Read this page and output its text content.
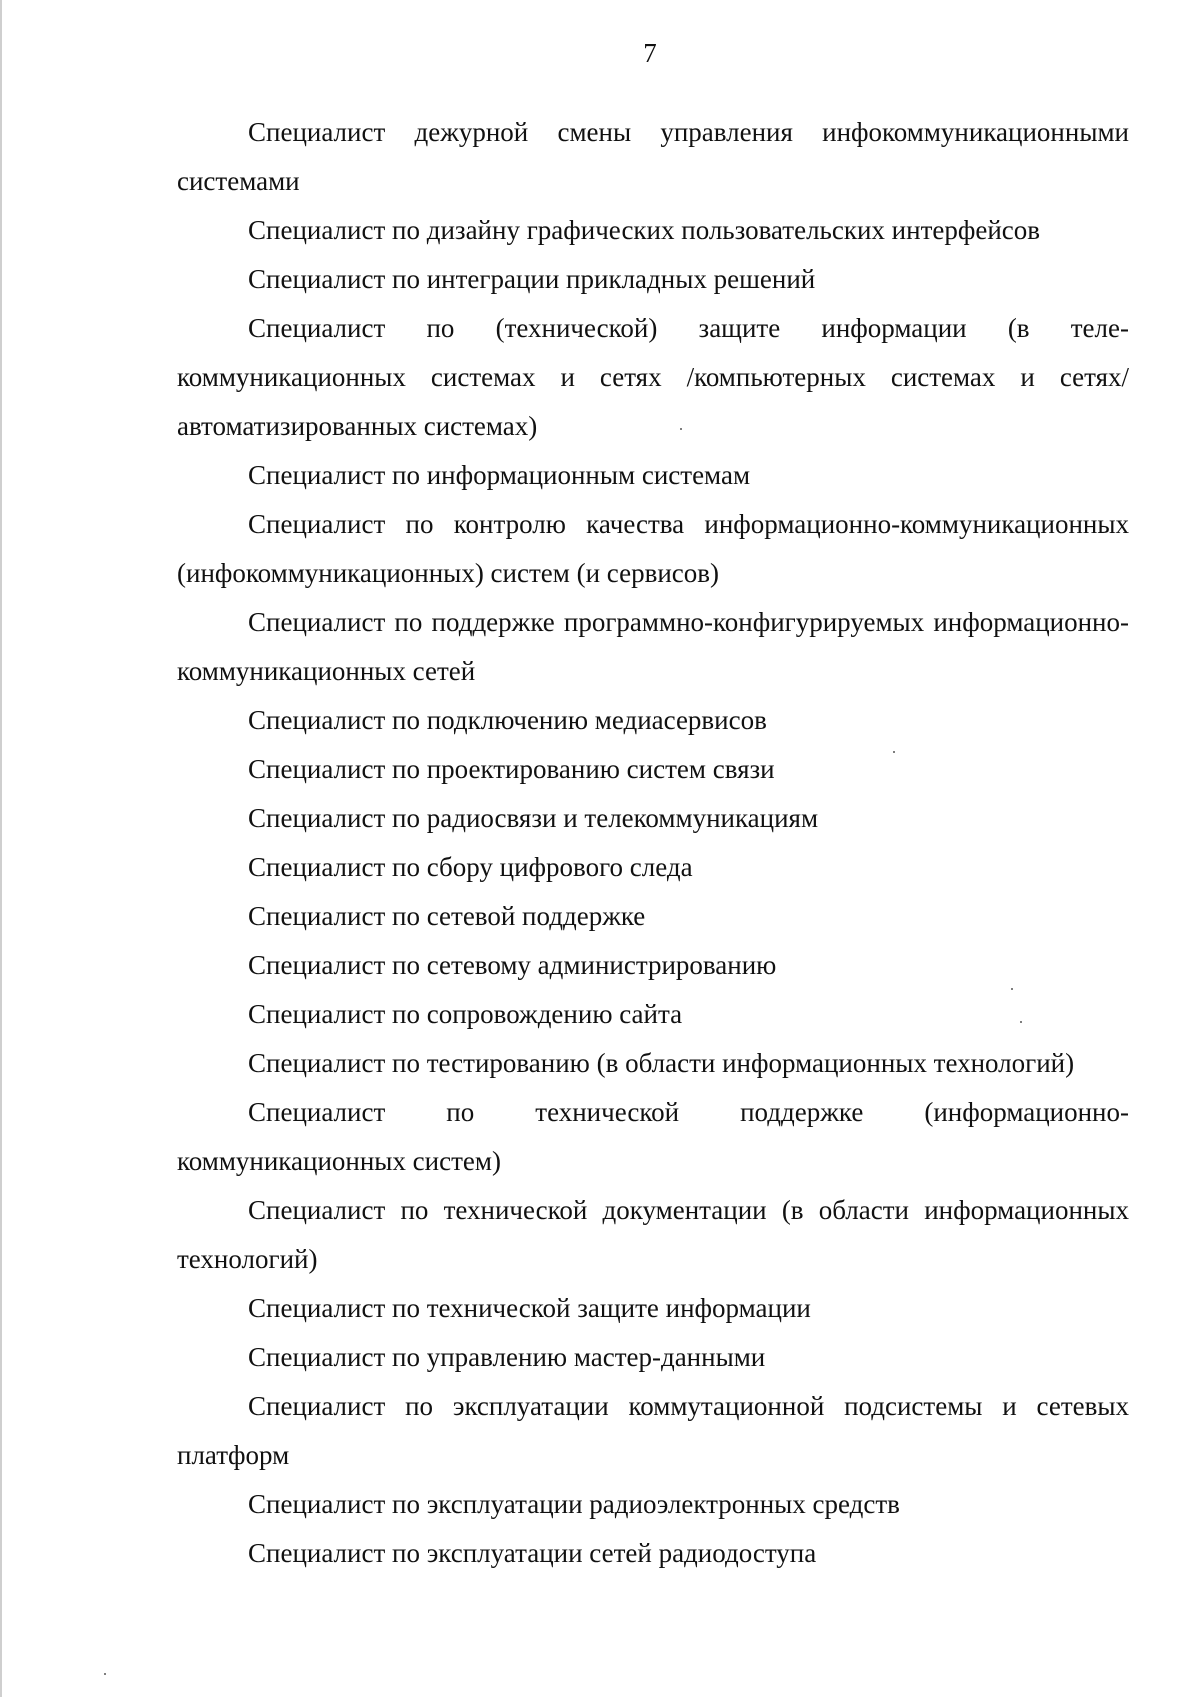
7

Специалист дежурной смены управления инфокоммуникационными системами

Специалист по дизайну графических пользовательских интерфейсов

Специалист по интеграции прикладных решений

Специалист по (технической) защите информации (в теле-коммуникационных системах и сетях /компьютерных системах и сетях/автоматизированных системах)

Специалист по информационным системам

Специалист по контролю качества информационно-коммуникационных (инфокоммуникационных) систем (и сервисов)

Специалист по поддержке программно-конфигурируемых информационно-коммуникационных сетей

Специалист по подключению медиасервисов

Специалист по проектированию систем связи

Специалист по радиосвязи и телекоммуникациям

Специалист по сбору цифрового следа

Специалист по сетевой поддержке

Специалист по сетевому администрированию

Специалист по сопровождению сайта

Специалист по тестированию (в области информационных технологий)

Специалист по технической поддержке (информационно-коммуникационных систем)

Специалист по технической документации (в области информационных технологий)

Специалист по технической защите информации

Специалист по управлению мастер-данными

Специалист по эксплуатации коммутационной подсистемы и сетевых платформ

Специалист по эксплуатации радиоэлектронных средств

Специалист по эксплуатации сетей радиодоступа
